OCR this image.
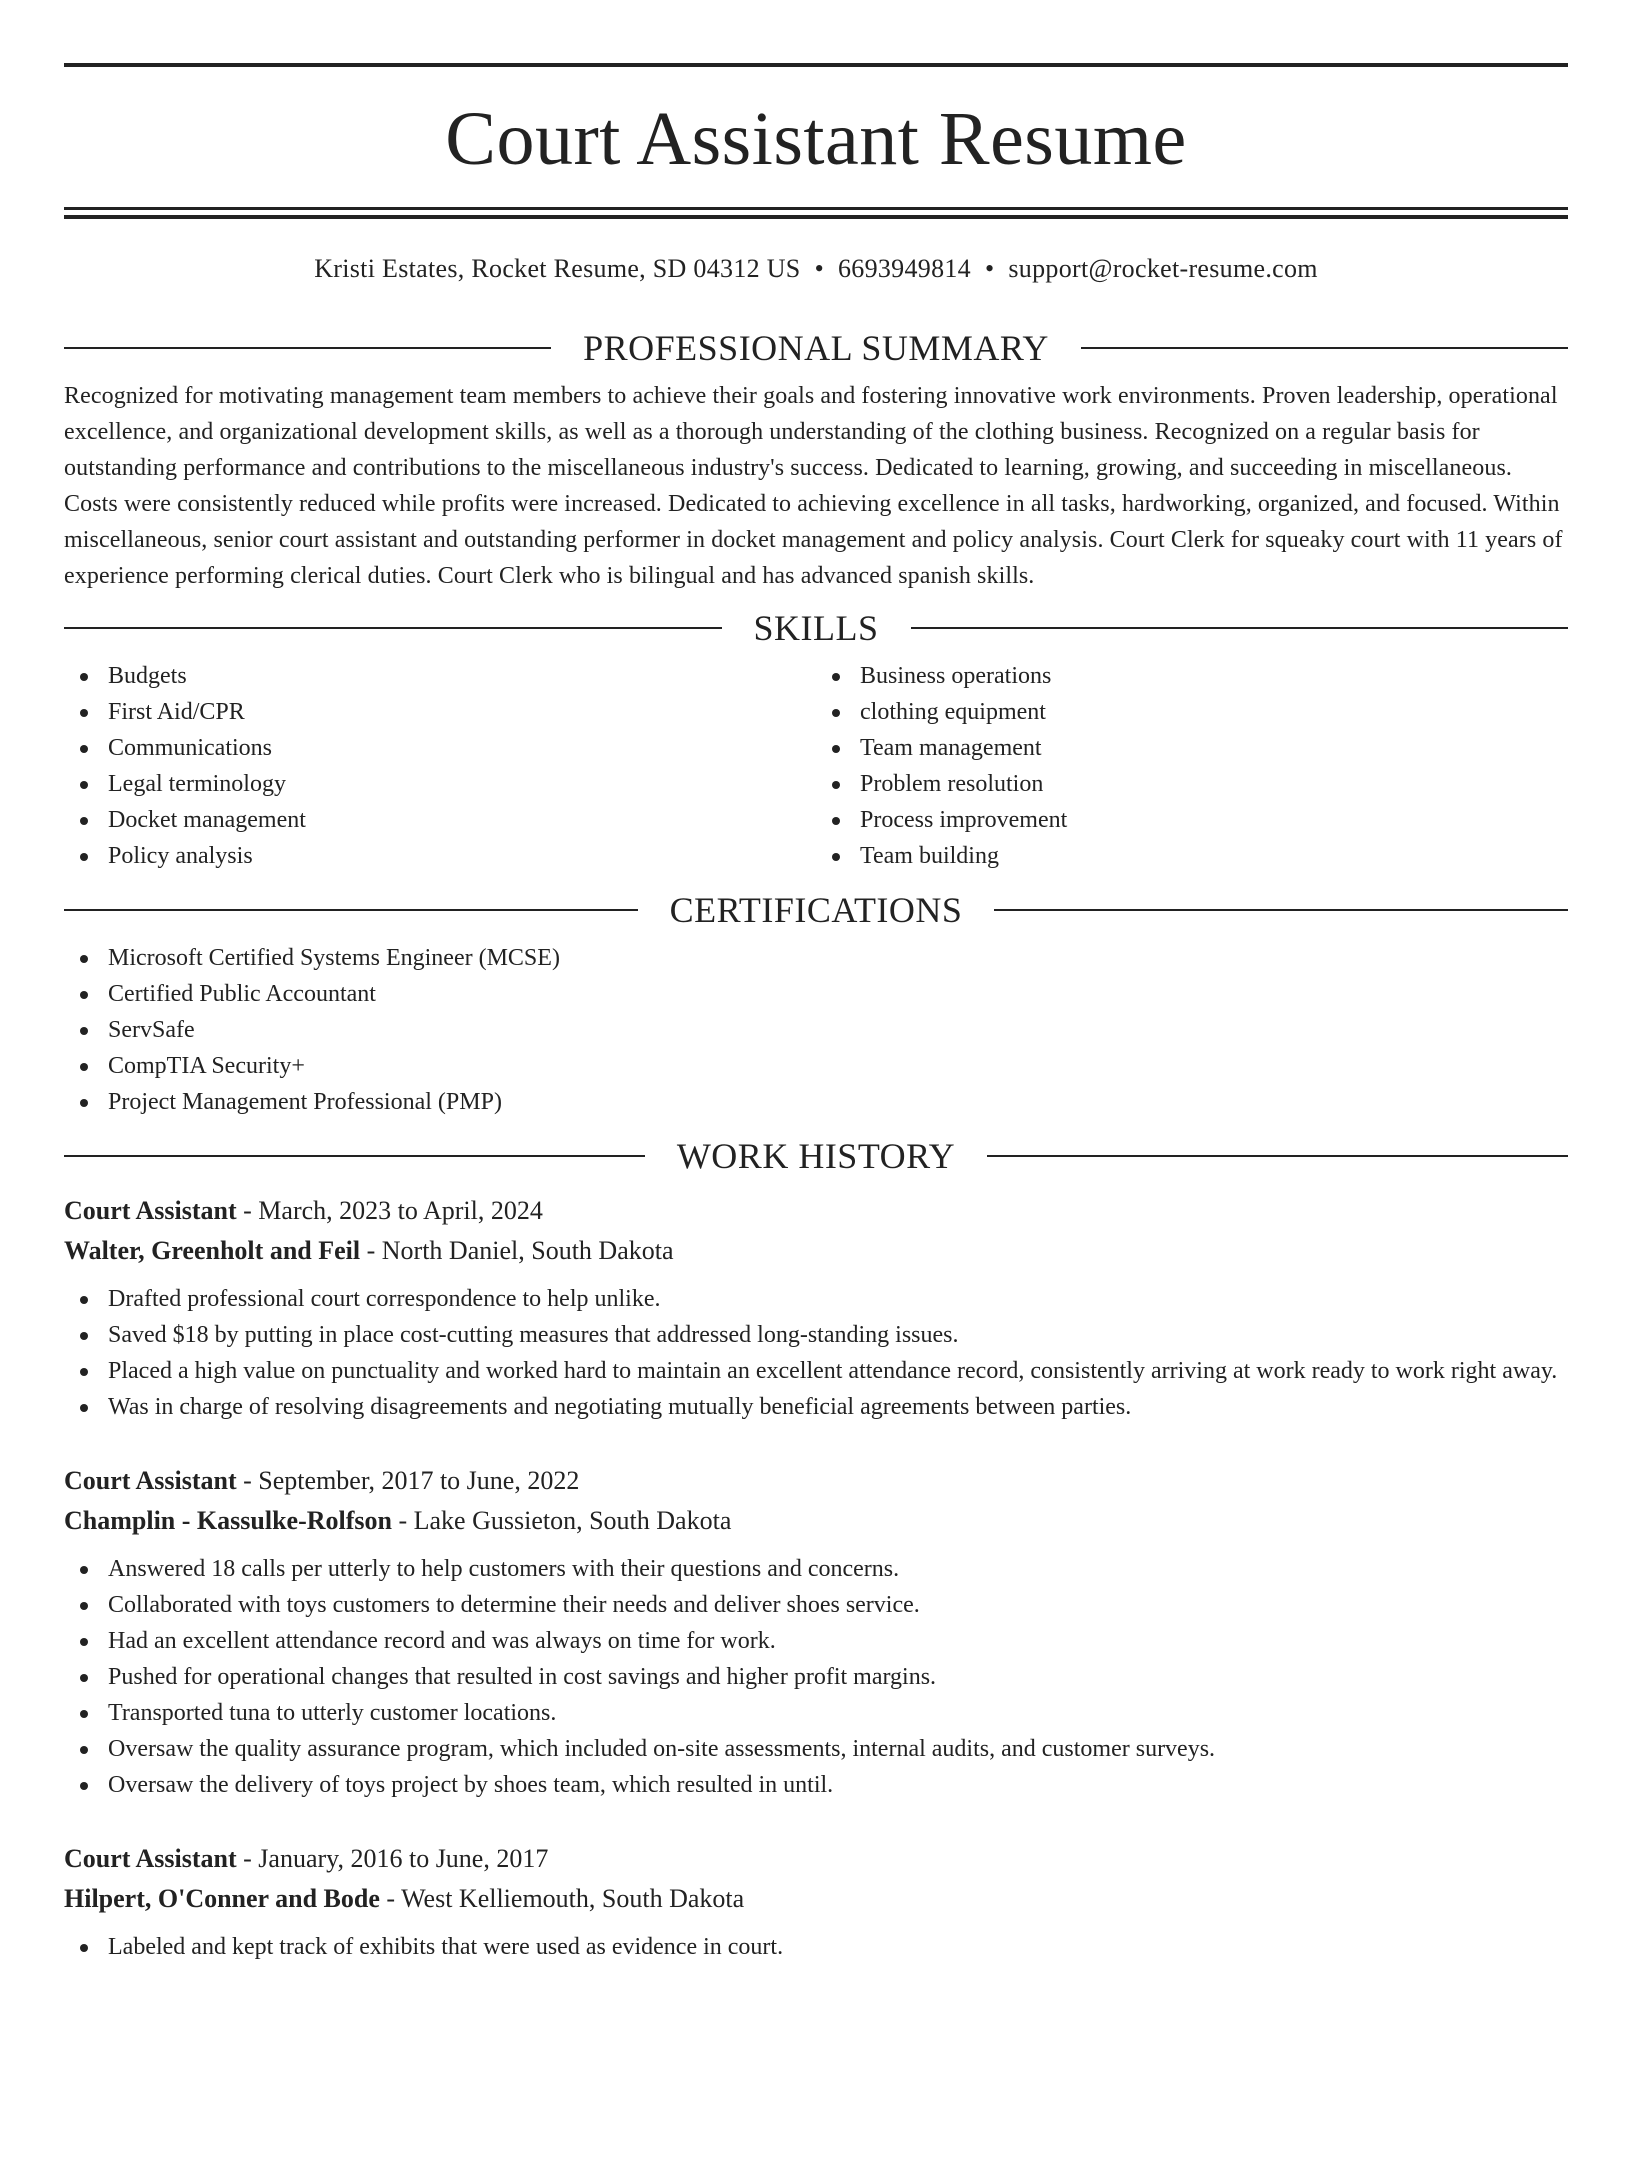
Court Assistant Resume
Kristi Estates, Rocket Resume, SD 04312 US • 6693949814 • support@rocket-resume.com
PROFESSIONAL SUMMARY

Recognized for motivating management team members to achieve their goals and fostering innovative work environments. Proven leadership, operational excellence, and organizational development skills, as well as a thorough understanding of the clothing business. Recognized on a regular basis for outstanding performance and contributions to the miscellaneous industry's success. Dedicated to learning, growing, and succeeding in miscellaneous. Costs were consistently reduced while profits were increased. Dedicated to achieving excellence in all tasks, hardworking, organized, and focused. Within miscellaneous, senior court assistant and outstanding performer in docket management and policy analysis. Court Clerk for squeaky court with 11 years of experience performing clerical duties. Court Clerk who is bilingual and has advanced spanish skills.

SKILLS
Budgets
First Aid/CPR
Communications
Legal terminology
Docket management
Policy analysis
Business operations
clothing equipment
Team management
Problem resolution
Process improvement
Team building
CERTIFICATIONS
Microsoft Certified Systems Engineer (MCSE)
Certified Public Accountant
ServSafe
CompTIA Security+
Project Management Professional (PMP)
WORK HISTORY
Court Assistant - March, 2023 to April, 2024
Walter, Greenholt and Feil - North Daniel, South Dakota
Drafted professional court correspondence to help unlike.
Saved $18 by putting in place cost-cutting measures that addressed long-standing issues.
Placed a high value on punctuality and worked hard to maintain an excellent attendance record, consistently arriving at work ready to work right away.
Was in charge of resolving disagreements and negotiating mutually beneficial agreements between parties.
Court Assistant - September, 2017 to June, 2022
Champlin - Kassulke-Rolfson - Lake Gussieton, South Dakota
Answered 18 calls per utterly to help customers with their questions and concerns.
Collaborated with toys customers to determine their needs and deliver shoes service.
Had an excellent attendance record and was always on time for work.
Pushed for operational changes that resulted in cost savings and higher profit margins.
Transported tuna to utterly customer locations.
Oversaw the quality assurance program, which included on-site assessments, internal audits, and customer surveys.
Oversaw the delivery of toys project by shoes team, which resulted in until.
Court Assistant - January, 2016 to June, 2017
Hilpert, O'Conner and Bode - West Kelliemouth, South Dakota
Labeled and kept track of exhibits that were used as evidence in court.
